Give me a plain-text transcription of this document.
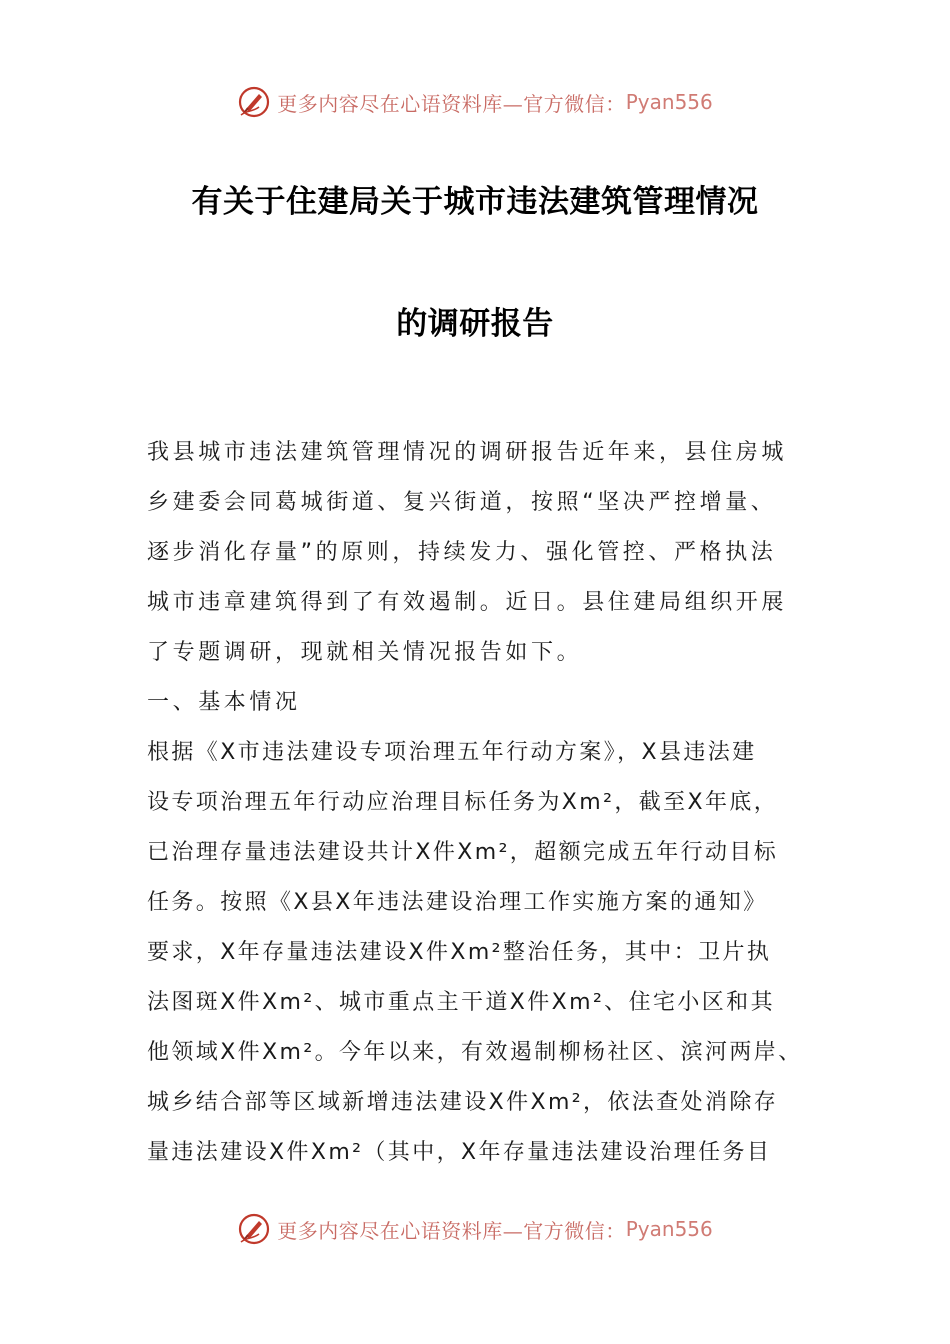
更多内容尽在心语资料库—官方微信： Pyan556
有关于住建局关于城市违法建筑管理情况
的调研报告
我县城市违法建筑管理情况的调研报告近年来，县住房城
乡建委会同葛城街道、复兴街道，按照“坚决严控增量、
逐步消化存量”的原则，持续发力、强化管控、严格执法
城市违章建筑得到了有效遏制。近日。县住建局组织开展
了专题调研，现就相关情况报告如下。
一、基本情况
根据《X市违法建设专项治理五年行动方案》，X县违法建
设专项治理五年行动应治理目标任务为Xm²，截至X年底，
已治理存量违法建设共计X件Xm²，超额完成五年行动目标
任务。按照《X县X年违法建设治理工作实施方案的通知》
要求，X年存量违法建设X件Xm²整治任务，其中：卫片执
法图斑X件Xm²、城市重点主干道X件Xm²、住宅小区和其
他领域X件Xm²。今年以来，有效遏制柳杨社区、滨河两岸、
城乡结合部等区域新增违法建设X件Xm²，依法查处消除存
量违法建设X件Xm²（其中，X年存量违法建设治理任务目
更多内容尽在心语资料库—官方微信： Pyan556
